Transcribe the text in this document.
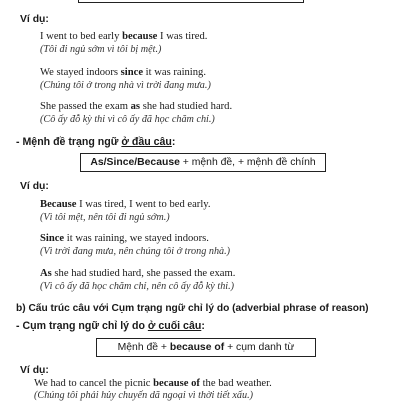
Ví dụ:
I went to bed early because I was tired.
(Tôi đi ngủ sớm vì tôi bị mệt.)
We stayed indoors since it was raining.
(Chúng tôi ở trong nhà vì trời đang mưa.)
She passed the exam as she had studied hard.
(Cô ấy đỗ kỳ thi vì cô ấy đã học chăm chỉ.)
- Mệnh đề trạng ngữ ở đầu câu:
As/Since/Because + mệnh đề, + mệnh đề chính
Ví dụ:
Because I was tired, I went to bed early.
(Vì tôi mệt, nên tôi đi ngủ sớm.)
Since it was raining, we stayed indoors.
(Vì trời đang mưa, nên chúng tôi ở trong nhà.)
As she had studied hard, she passed the exam.
(Vì cô ấy đã học chăm chỉ, nên cô ấy đỗ kỳ thi.)
b) Cấu trúc câu với Cụm trạng ngữ chỉ lý do (adverbial phrase of reason)
- Cụm trạng ngữ chỉ lý do ở cuối câu:
Mệnh đề + because of + cụm danh từ
Ví dụ:
We had to cancel the picnic because of the bad weather.
(Chúng tôi phải hủy chuyến dã ngoại vì thời tiết xấu.)
